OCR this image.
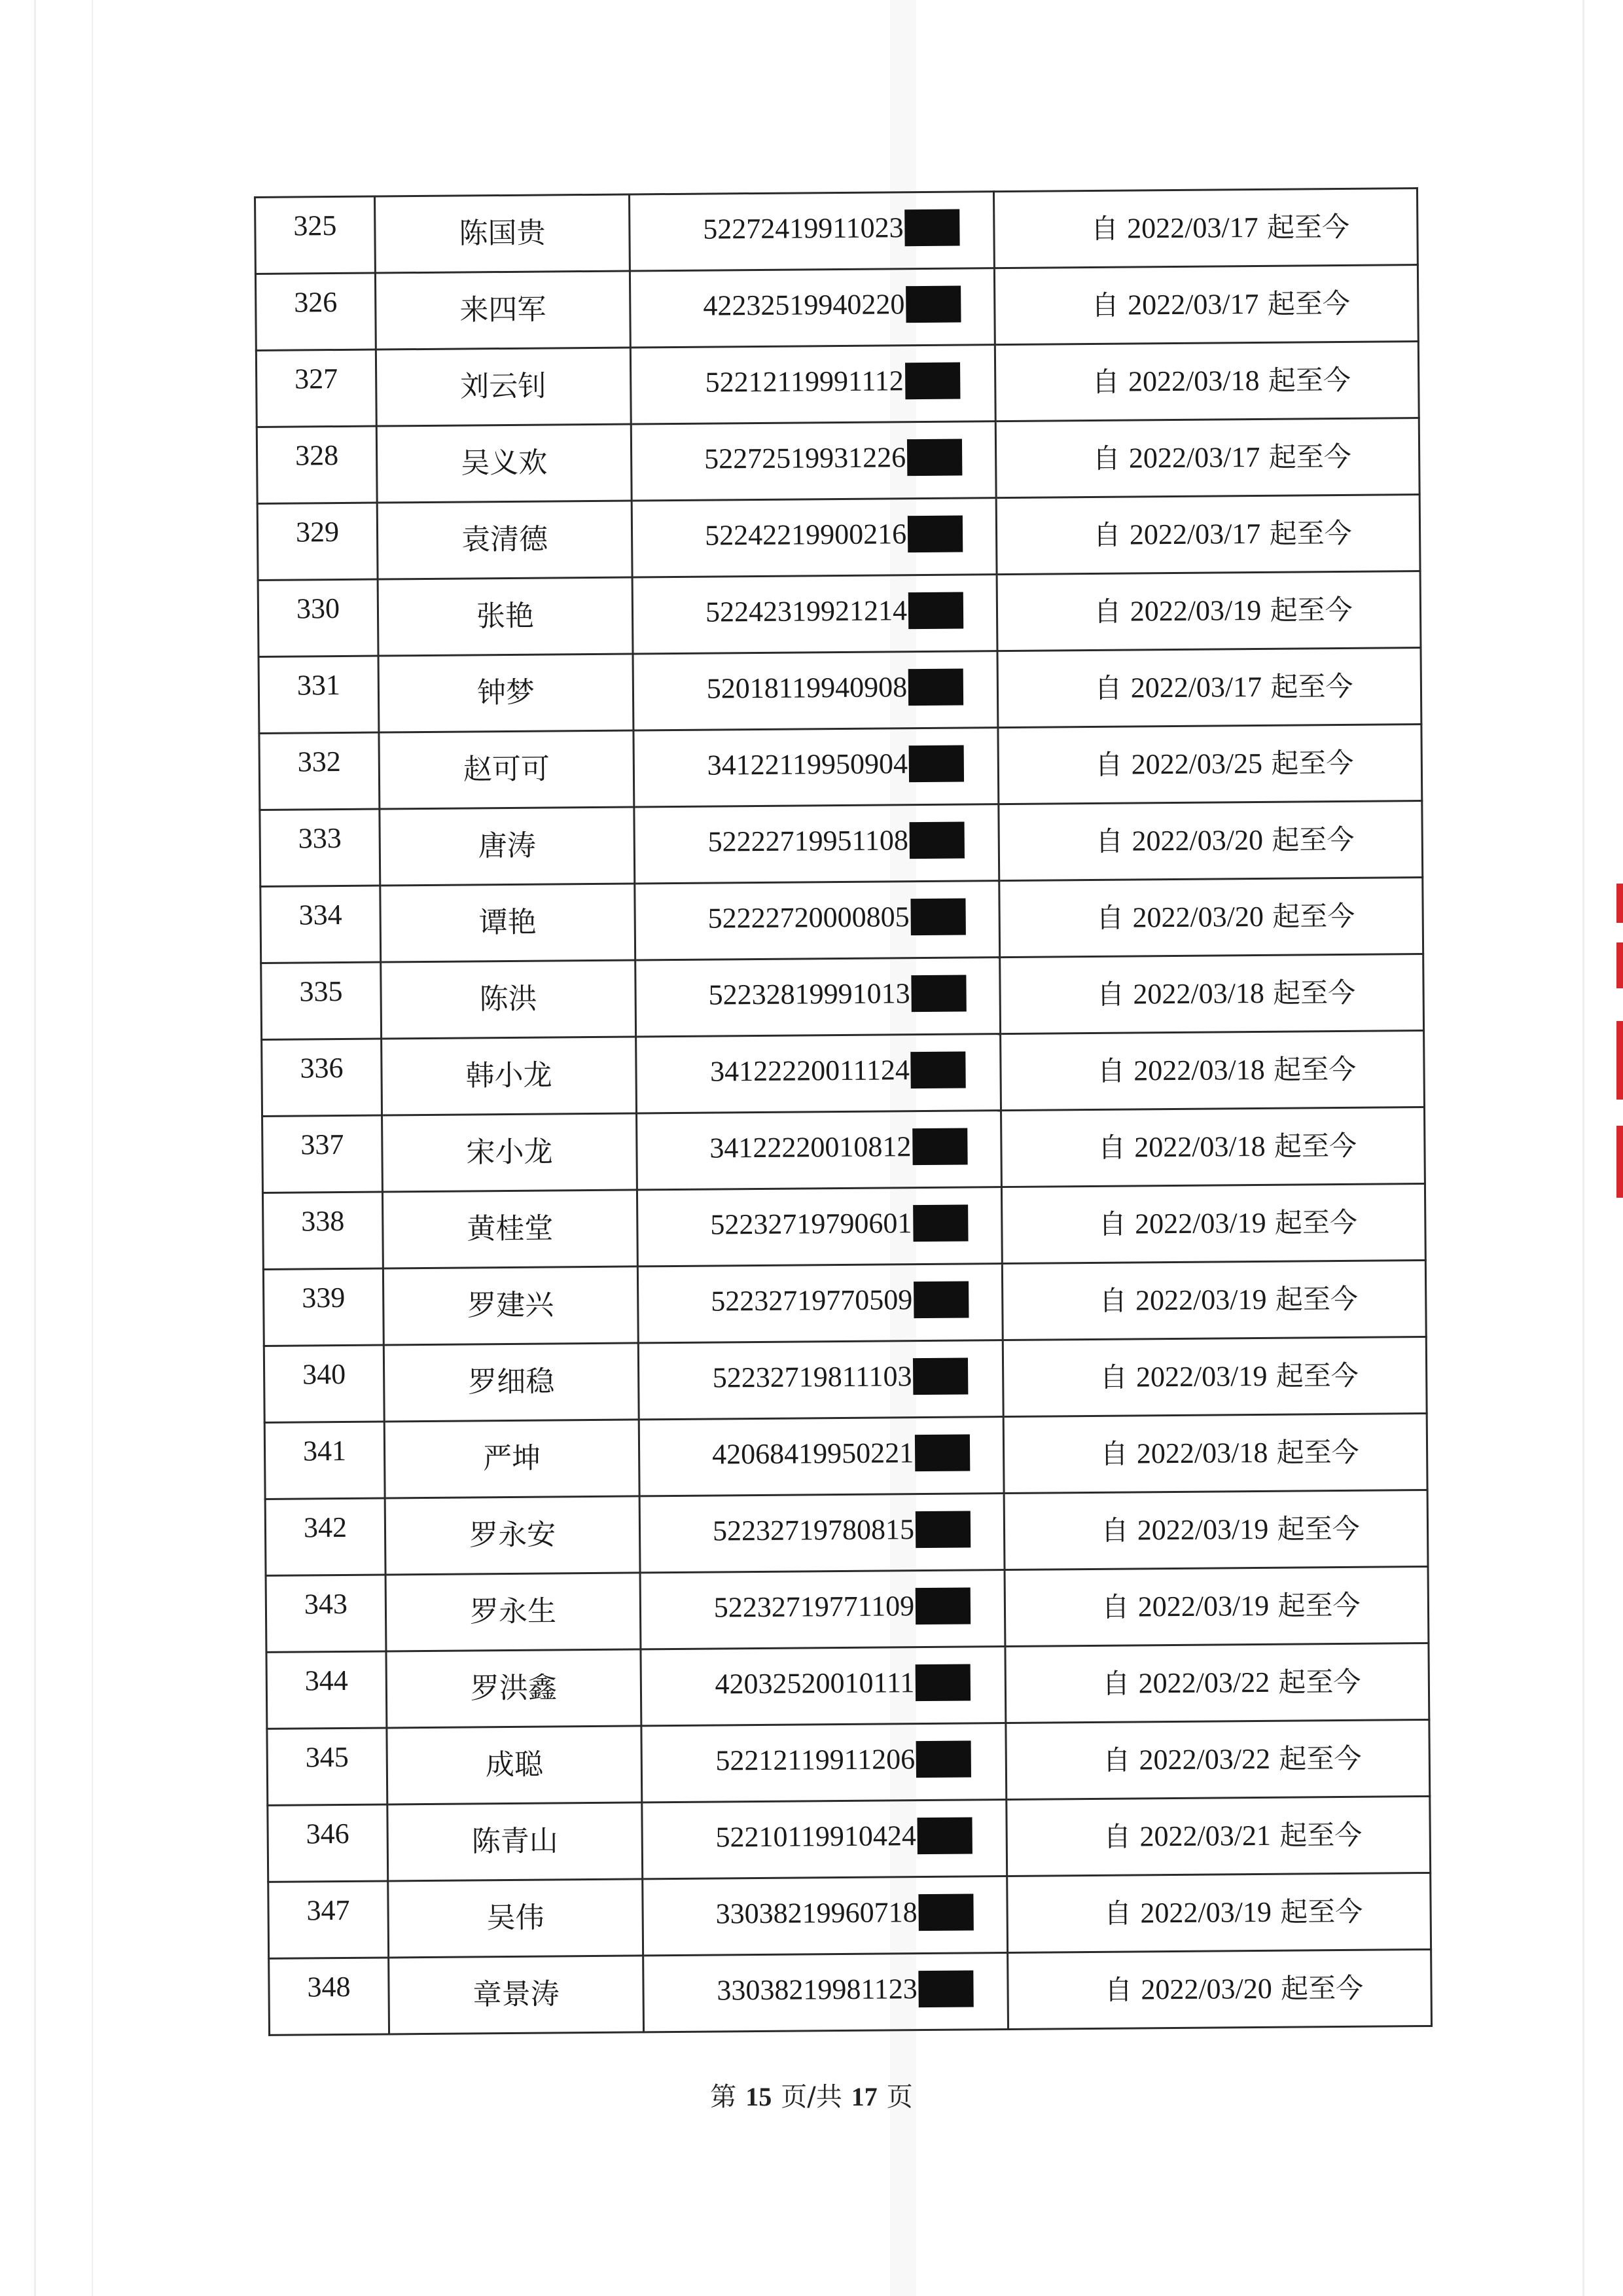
325	陈国贵	52272419911023	自 2022/03/17 起至今
326	来四军	42232519940220	自 2022/03/17 起至今
327	刘云钊	52212119991112	自 2022/03/18 起至今
328	吴义欢	52272519931226	自 2022/03/17 起至今
329	袁清德	52242219900216	自 2022/03/17 起至今
330	张艳	52242319921214	自 2022/03/19 起至今
331	钟梦	52018119940908	自 2022/03/17 起至今
332	赵可可	34122119950904	自 2022/03/25 起至今
333	唐涛	52222719951108	自 2022/03/20 起至今
334	谭艳	52222720000805	自 2022/03/20 起至今
335	陈洪	52232819991013	自 2022/03/18 起至今
336	韩小龙	34122220011124	自 2022/03/18 起至今
337	宋小龙	34122220010812	自 2022/03/18 起至今
338	黄桂堂	52232719790601	自 2022/03/19 起至今
339	罗建兴	52232719770509	自 2022/03/19 起至今
340	罗细稳	52232719811103	自 2022/03/19 起至今
341	严坤	42068419950221	自 2022/03/18 起至今
342	罗永安	52232719780815	自 2022/03/19 起至今
343	罗永生	52232719771109	自 2022/03/19 起至今
344	罗洪鑫	42032520010111	自 2022/03/22 起至今
345	成聪	52212119911206	自 2022/03/22 起至今
346	陈青山	52210119910424	自 2022/03/21 起至今
347	吴伟	33038219960718	自 2022/03/19 起至今
348	章景涛	33038219981123	自 2022/03/20 起至今
第 15 页/共 17 页
